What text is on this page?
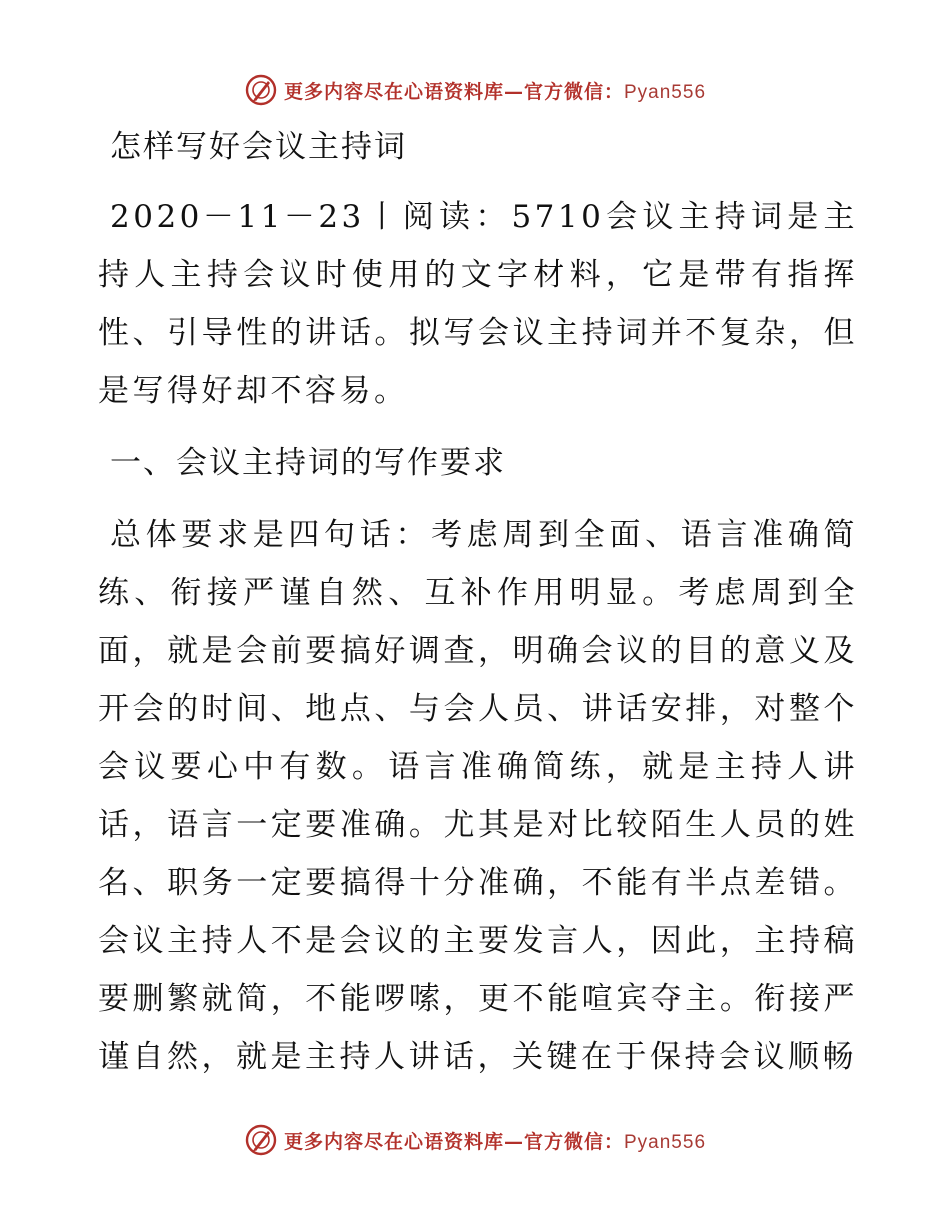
更多内容尽在心语资料库—官方微信：Pyan556
怎样写好会议主持词
2020－11－23丨阅读：5710会议主持词是主持人主持会议时使用的文字材料，它是带有指挥性、引导性的讲话。拟写会议主持词并不复杂，但是写得好却不容易。
一、会议主持词的写作要求
总体要求是四句话：考虑周到全面、语言准确简练、衔接严谨自然、互补作用明显。考虑周到全面，就是会前要搞好调查，明确会议的目的意义及开会的时间、地点、与会人员、讲话安排，对整个会议要心中有数。语言准确简练，就是主持人讲话，语言一定要准确。尤其是对比较陌生人员的姓名、职务一定要搞得十分准确，不能有半点差错。会议主持人不是会议的主要发言人，因此，主持稿要删繁就简，不能啰嗦，更不能喧宾夺主。衔接严谨自然，就是主持人讲话，关键在于保持会议顺畅
更多内容尽在心语资料库—官方微信：Pyan556
